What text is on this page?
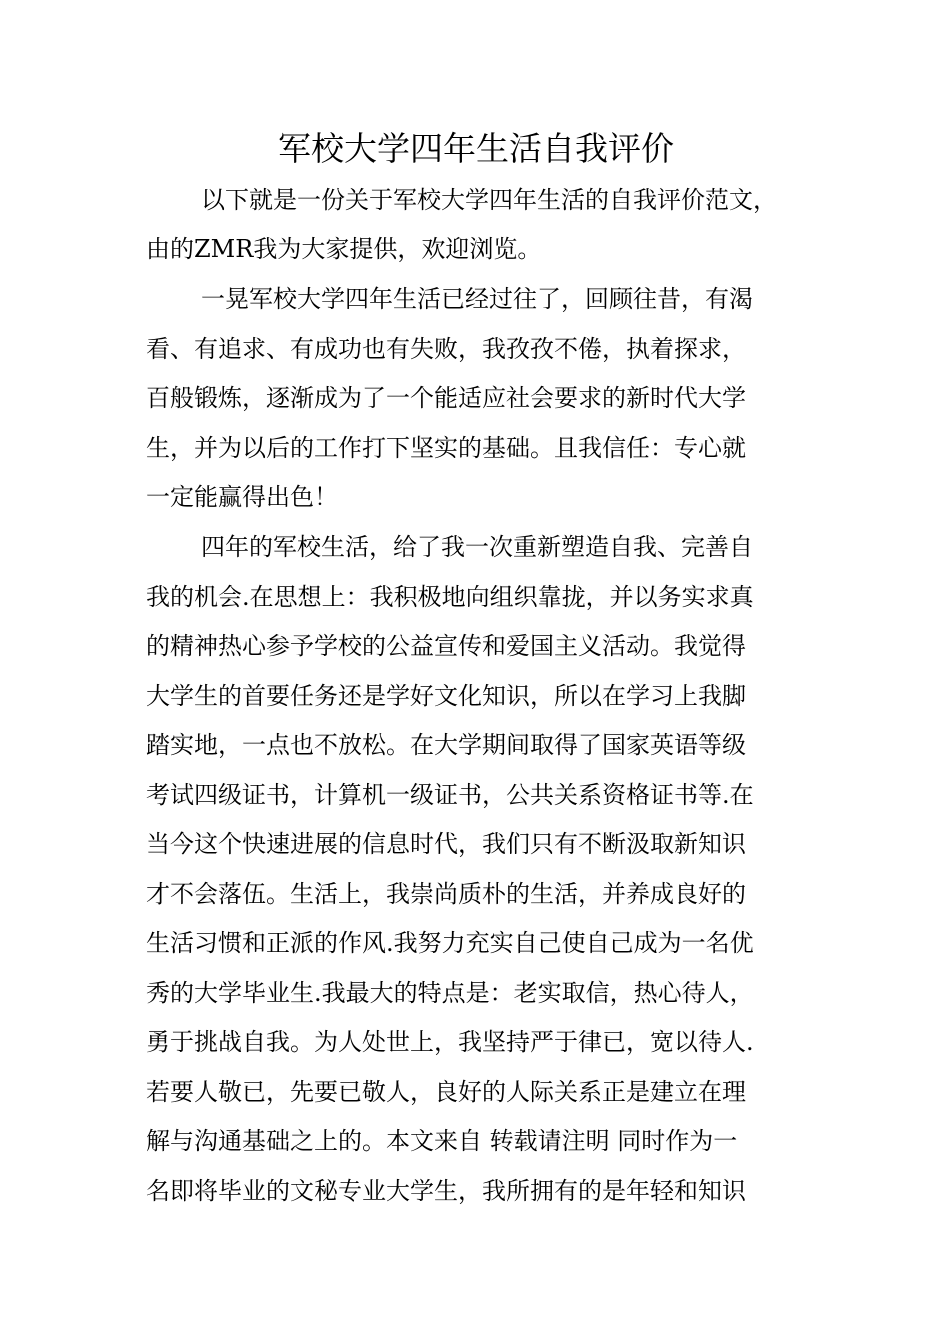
军校大学四年生活自我评价

以下就是一份关于军校大学四年生活的自我评价范文，

由的ZMR我为大家提供，欢迎浏览。

一晃军校大学四年生活已经过往了，回顾往昔，有渴

看、有追求、有成功也有失败，我孜孜不倦，执着探求，

百般锻炼，逐渐成为了一个能适应社会要求的新时代大学

生，并为以后的工作打下坚实的基础。且我信任：专心就

一定能赢得出色！

四年的军校生活，给了我一次重新塑造自我、完善自

我的机会.在思想上：我积极地向组织靠拢，并以务实求真

的精神热心参予学校的公益宣传和爱国主义活动。我觉得

大学生的首要任务还是学好文化知识，所以在学习上我脚

踏实地，一点也不放松。在大学期间取得了国家英语等级

考试四级证书，计算机一级证书，公共关系资格证书等.在

当今这个快速进展的信息时代，我们只有不断汲取新知识

才不会落伍。生活上，我崇尚质朴的生活，并养成良好的

生活习惯和正派的作风.我努力充实自己使自己成为一名优

秀的大学毕业生.我最大的特点是：老实取信，热心待人，

勇于挑战自我。为人处世上，我坚持严于律已，宽以待人.

若要人敬已，先要已敬人，良好的人际关系正是建立在理

解与沟通基础之上的。本文来自 转载请注明 同时作为一

名即将毕业的文秘专业大学生，我所拥有的是年轻和知识
